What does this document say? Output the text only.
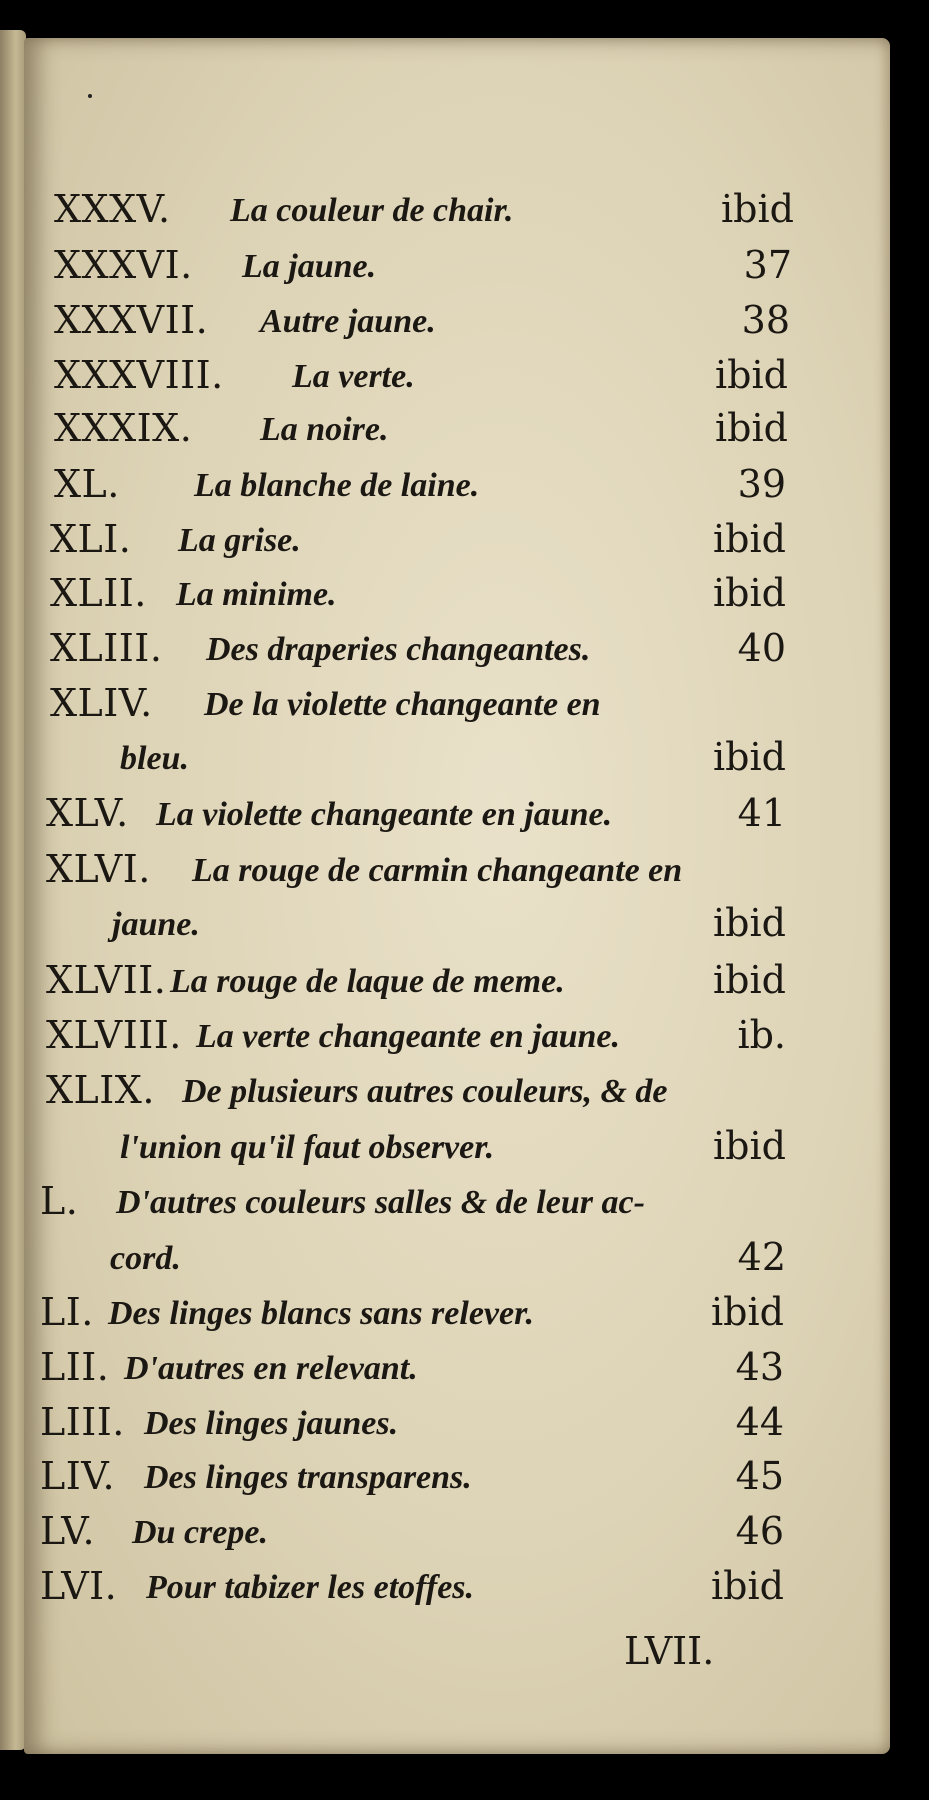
XXXV. La couleur de chair.	ibid
XXXVI. La jaune.	37
XXXVII. Autre jaune.	38
XXXVIII. La verte.	ibid
XXXIX. La noire.	ibid
XL. La blanche de laine.	39
XLI. La grise.	ibid
XLII. La minime.	ibid
XLIII. Des draperies changeantes.	40
XLIV. De la violette changeante en
bleu.	ibid
XLV. La violette changeante en jaune.	41
XLVI. La rouge de carmin changeante en
jaune.	ibid
XLVII. La rouge de laque de meme.	ibid
XLVIII. La verte changeante en jaune.	ib.
XLIX. De plusieurs autres couleurs, & de
l'union qu'il faut observer.	ibid
L. D'autres couleurs salles & de leur ac-
cord.	42
LI. Des linges blancs sans relever.	ibid
LII. D'autres en relevant.	43
LIII. Des linges jaunes.	44
LIV. Des linges transparens.	45
LV. Du crepe.	46
LVI. Pour tabizer les etoffes.	ibid
LVII.
